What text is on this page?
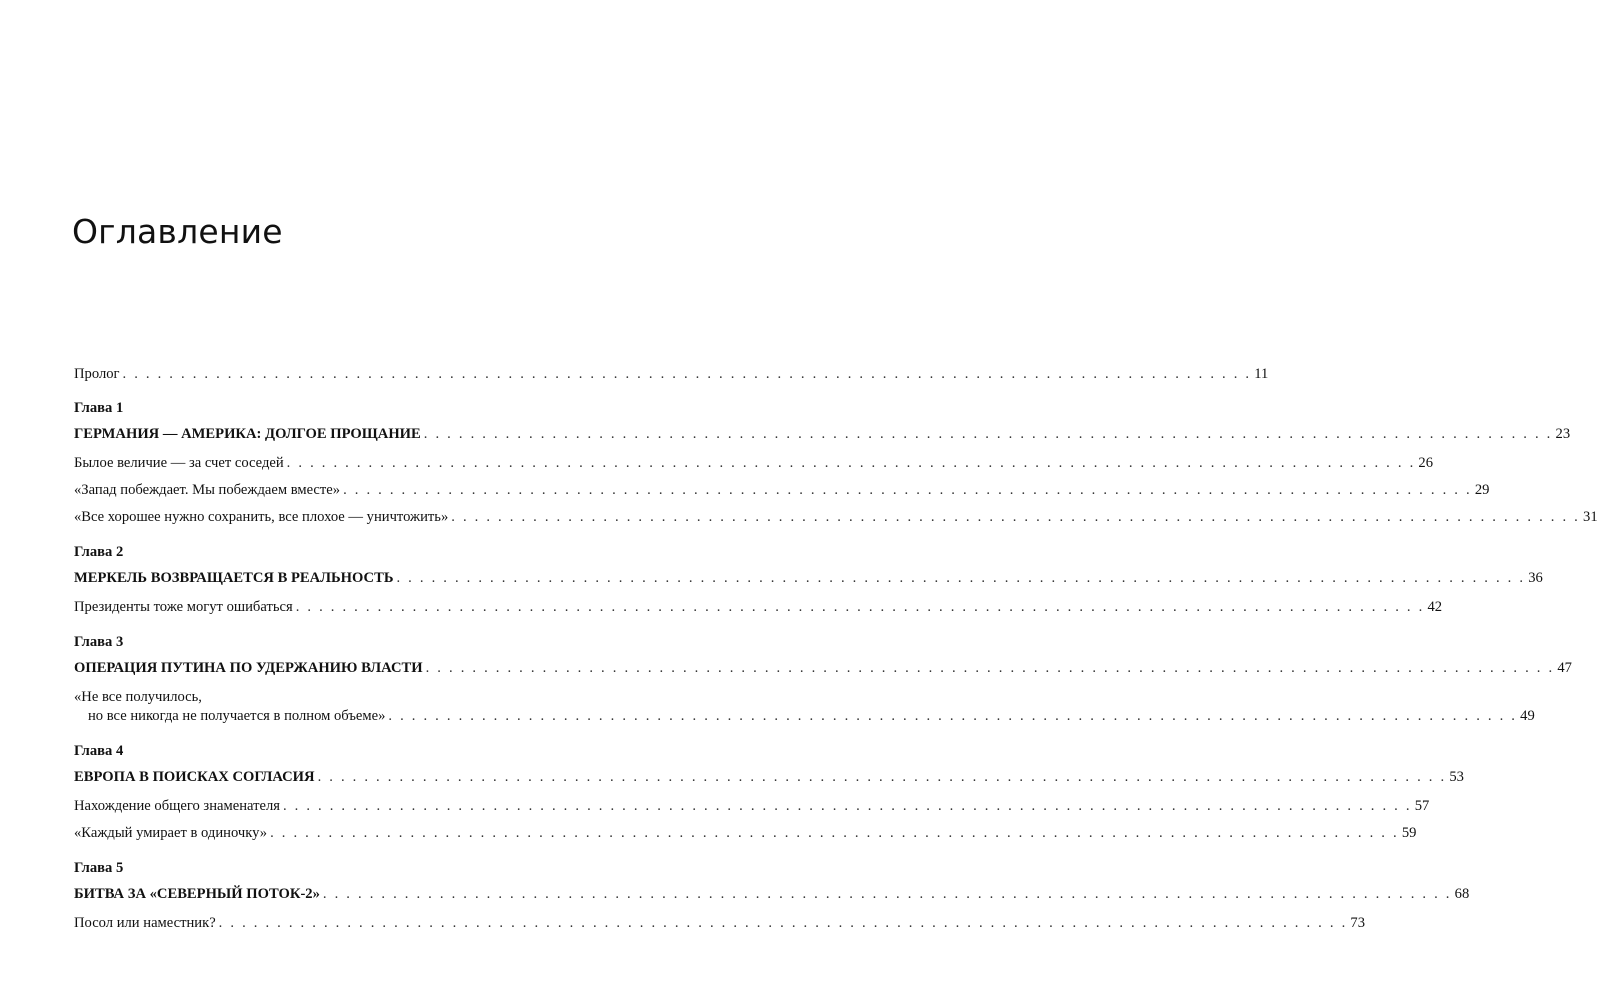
Оглавление
Пролог . . . . . . . . . . . . . . . . . . . . . . . . . . . . . . . . . . . . . . . . . . . . . . . . . . . . . . . . . . . . . . . . . . . . . . . . . . . . . . . . . . . . . . . . . . . . . . . . . 11
Глава 1
ГЕРМАНИЯ — АМЕРИКА: ДОЛГОЕ ПРОЩАНИЕ . . . . . . . . . . . . . . . . . . . . . . . . . . . . . . . . . . . . . . . . . . . . . . . . . . . . . . . . . . . . . . . . . . . . . . . . . . . . . . . . . . . . . . . . . . . . . . . . . 23
Былое величие — за счет соседей . . . . . . . . . . . . . . . . . . . . . . . . . . . . . . . . . . . . . . . . . . . . . . . . . . . . . . . . . . . . . . . . . . . . . . . . . . . . . . . . . . . . . . . . . . . . . . . . . 26
«Запад побеждает. Мы побеждаем вместе» . . . . . . . . . . . . . . . . . . . . . . . . . . . . . . . . . . . . . . . . . . . . . . . . . . . . . . . . . . . . . . . . . . . . . . . . . . . . . . . . . . . . . . . . . . . . . . . . . 29
«Все хорошее нужно сохранить, все плохое — уничтожить» . . . . . . . . . . . . . . . . . . . . . . . . . . . . . . . . . . . . . . . . . . . . . . . . . . . . . . . . . . . . . . . . . . . . . . . . . . . . . . . . . . . . . . . . . . . . . . . . . 31
Глава 2
МЕРКЕЛЬ ВОЗВРАЩАЕТСЯ В РЕАЛЬНОСТЬ . . . . . . . . . . . . . . . . . . . . . . . . . . . . . . . . . . . . . . . . . . . . . . . . . . . . . . . . . . . . . . . . . . . . . . . . . . . . . . . . . . . . . . . . . . . . . . . . . 36
Президенты тоже могут ошибаться . . . . . . . . . . . . . . . . . . . . . . . . . . . . . . . . . . . . . . . . . . . . . . . . . . . . . . . . . . . . . . . . . . . . . . . . . . . . . . . . . . . . . . . . . . . . . . . . . 42
Глава 3
ОПЕРАЦИЯ ПУТИНА ПО УДЕРЖАНИЮ ВЛАСТИ . . . . . . . . . . . . . . . . . . . . . . . . . . . . . . . . . . . . . . . . . . . . . . . . . . . . . . . . . . . . . . . . . . . . . . . . . . . . . . . . . . . . . . . . . . . . . . . . . 47
«Не все получилось,
но все никогда не получается в полном объеме» . . . . . . . . . . . . . . . . . . . . . . . . . . . . . . . . . . . . . . . . . . . . . . . . . . . . . . . . . . . . . . . . . . . . . . . . . . . . . . . . . . . . . . . . . . . . . . . . . 49
Глава 4
ЕВРОПА В ПОИСКАХ СОГЛАСИЯ . . . . . . . . . . . . . . . . . . . . . . . . . . . . . . . . . . . . . . . . . . . . . . . . . . . . . . . . . . . . . . . . . . . . . . . . . . . . . . . . . . . . . . . . . . . . . . . . . 53
Нахождение общего знаменателя . . . . . . . . . . . . . . . . . . . . . . . . . . . . . . . . . . . . . . . . . . . . . . . . . . . . . . . . . . . . . . . . . . . . . . . . . . . . . . . . . . . . . . . . . . . . . . . . . 57
«Каждый умирает в одиночку» . . . . . . . . . . . . . . . . . . . . . . . . . . . . . . . . . . . . . . . . . . . . . . . . . . . . . . . . . . . . . . . . . . . . . . . . . . . . . . . . . . . . . . . . . . . . . . . . . 59
Глава 5
БИТВА ЗА «СЕВЕРНЫЙ ПОТОК-2» . . . . . . . . . . . . . . . . . . . . . . . . . . . . . . . . . . . . . . . . . . . . . . . . . . . . . . . . . . . . . . . . . . . . . . . . . . . . . . . . . . . . . . . . . . . . . . . . . 68
Посол или наместник? . . . . . . . . . . . . . . . . . . . . . . . . . . . . . . . . . . . . . . . . . . . . . . . . . . . . . . . . . . . . . . . . . . . . . . . . . . . . . . . . . . . . . . . . . . . . . . . . . 73
